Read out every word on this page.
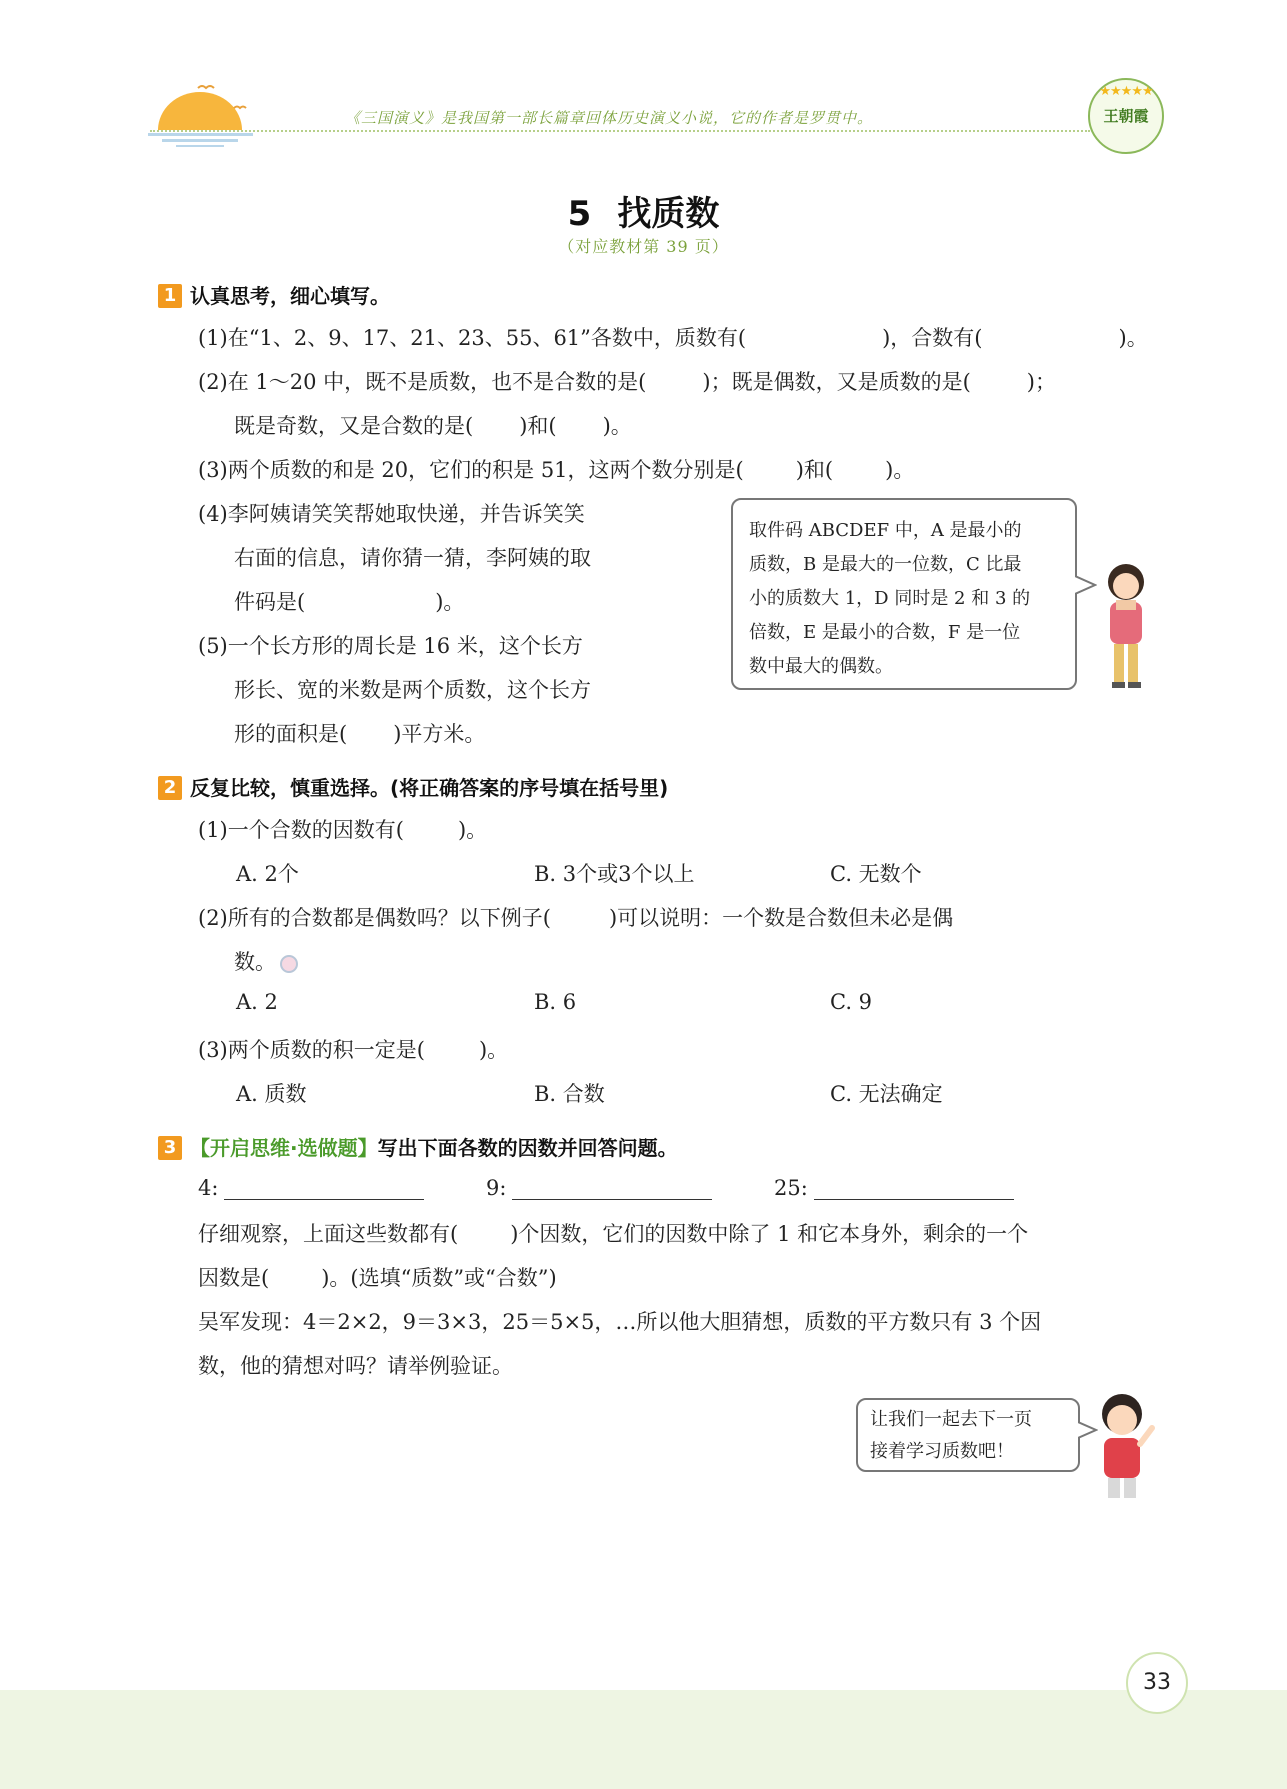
《三国演义》是我国第一部长篇章回体历史演义小说，它的作者是罗贯中。
★★★★★
王朝霞
5 找质数
（对应教材第 39 页）
1 认真思考，细心填写。
(1)在“1、2、9、17、21、23、55、61”各数中，质数有(	)，合数有(	)。
(2)在 1～20 中，既不是质数，也不是合数的是(	)；既是偶数，又是质数的是(	)；
既是奇数，又是合数的是( )和( )。
(3)两个质数的和是 20，它们的积是 51，这两个数分别是( )和( )。
(4)李阿姨请笑笑帮她取快递，并告诉笑笑
右面的信息，请你猜一猜，李阿姨的取
件码是(	)。
(5)一个长方形的周长是 16 米，这个长方
形长、宽的米数是两个质数，这个长方
形的面积是( )平方米。
取件码 ABCDEF 中，A 是最小的
质数，B 是最大的一位数，C 比最
小的质数大 1，D 同时是 2 和 3 的
倍数，E 是最小的合数，F 是一位
数中最大的偶数。
2 反复比较，慎重选择。(将正确答案的序号填在括号里)
(1)一个合数的因数有(	)。
A. 2个	B. 3个或3个以上	C. 无数个
(2)所有的合数都是偶数吗？以下例子(	)可以说明：一个数是合数但未必是偶
数。
A. 2	B. 6	C. 9
(3)两个质数的积一定是(	)。
A. 质数	B. 合数	C. 无法确定
3 【开启思维·选做题】写出下面各数的因数并回答问题。
4:	9:	25:
仔细观察，上面这些数都有( )个因数，它们的因数中除了 1 和它本身外，剩余的一个
因数是( )。(选填“质数”或“合数”)
吴军发现：4＝2×2，9＝3×3，25＝5×5，…所以他大胆猜想，质数的平方数只有 3 个因
数，他的猜想对吗？请举例验证。
让我们一起去下一页
接着学习质数吧！
33
